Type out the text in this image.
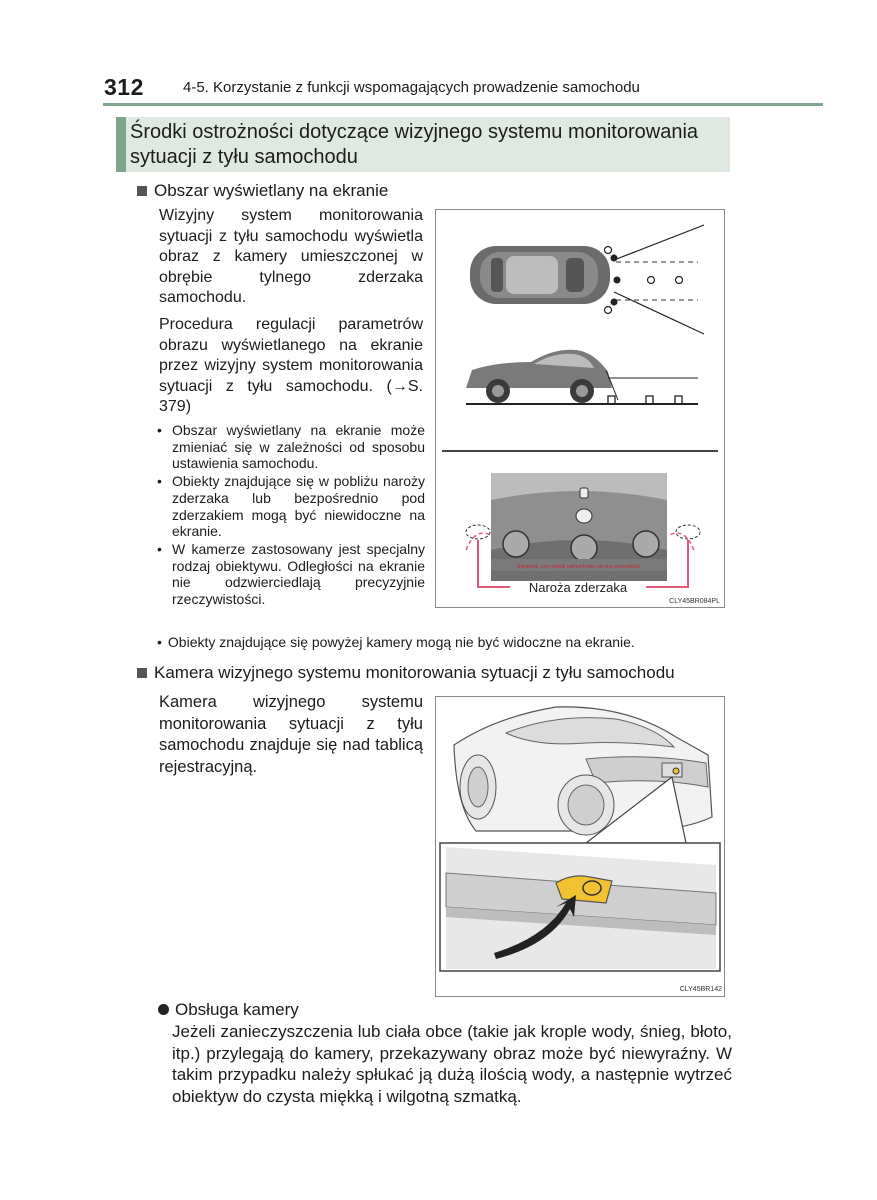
312	4-5. Korzystanie z funkcji wspomagających prowadzenie samochodu
Środki ostrożności dotyczące wizyjnego systemu monitorowania sytuacji z tyłu samochodu
Obszar wyświetlany na ekranie
Wizyjny system monitorowania sytuacji z tyłu samochodu wyświetla obraz z kamery umieszczonej w obrębie tylnego zderzaka samochodu.
Procedura regulacji parametrów obrazu wyświetlanego na ekranie przez wizyjny system monitorowania sytuacji z tyłu samochodu. (→S. 379)
• Obszar wyświetlany na ekranie może zmieniać się w zależności od sposobu ustawienia samochodu.
• Obiekty znajdujące się w pobliżu naroży zderzaka lub bezpośrednio pod zderzakiem mogą być niewidoczne na ekranie.
• W kamerze zastosowany jest specjalny rodzaj obiektywu. Odległości na ekranie nie odzwierciedlają precyzyjnie rzeczywistości.
• Obiekty znajdujące się powyżej kamery mogą nie być widoczne na ekranie.
Sprawdź, czy wokół samochodu nie ma przeszkód.
Naroża zderzaka
CLY45BR084PL
Kamera wizyjnego systemu monitorowania sytuacji z tyłu samochodu
Kamera wizyjnego systemu monitorowania sytuacji z tyłu samochodu znajduje się nad tablicą rejestracyjną.
CLY45BR142
Obsługa kamery
Jeżeli zanieczyszczenia lub ciała obce (takie jak krople wody, śnieg, błoto, itp.) przylegają do kamery, przekazywany obraz może być niewyraźny. W takim przypadku należy spłukać ją dużą ilością wody, a następnie wytrzeć obiektyw do czysta miękką i wilgotną szmatką.
